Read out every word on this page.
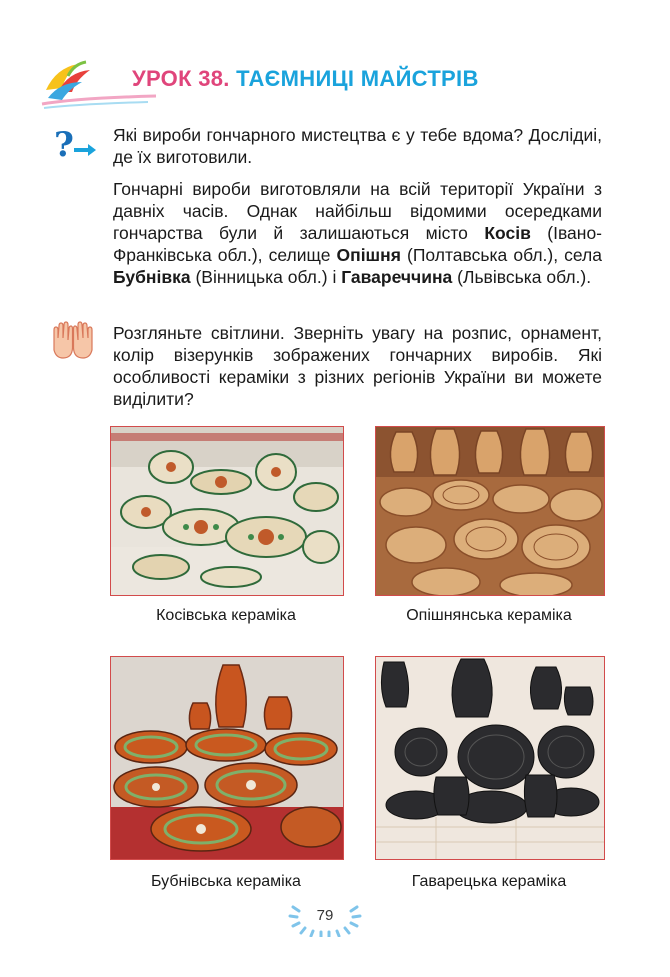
УРОК 38. ТАЄМНИЦІ МАЙСТРІВ
? Які вироби гончарного мистецтва є у тебе вдома? Дослідиі, де їх виготовили.

Гончарні вироби виготовляли на всій території України з давніх часів. Однак найбільш відомими осередками гончарства були й залишаються місто Косів (Івано-Франківська обл.), селище Опішня (Полтавська обл.), села Бубнівка (Вінницька обл.) і Гавареччина (Львівська обл.).

Розгляньте світлини. Зверніть увагу на розпис, орнамент, колір візерунків зображених гончарних виробів. Які особливості кераміки з різних регіонів України ви можете виділити?

Косівська кераміка	Опішнянська кераміка
Бубнівська кераміка	Гаварецька кераміка
79
